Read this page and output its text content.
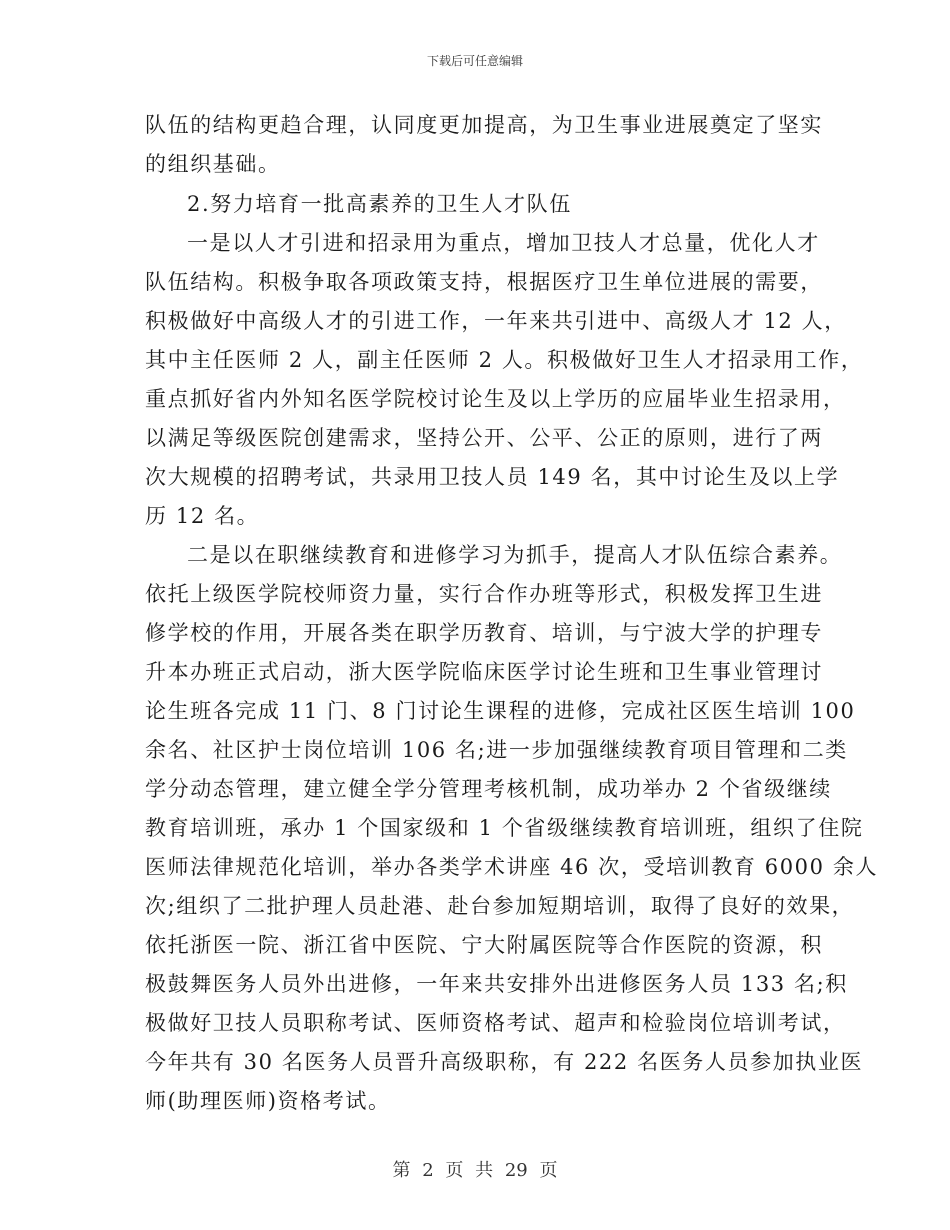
下载后可任意编辑
队伍的结构更趋合理，认同度更加提高，为卫生事业进展奠定了坚实
的组织基础。
2.努力培育一批高素养的卫生人才队伍
一是以人才引进和招录用为重点，增加卫技人才总量，优化人才
队伍结构。积极争取各项政策支持，根据医疗卫生单位进展的需要，
积极做好中高级人才的引进工作，一年来共引进中、高级人才 12 人，
其中主任医师 2 人，副主任医师 2 人。积极做好卫生人才招录用工作，
重点抓好省内外知名医学院校讨论生及以上学历的应届毕业生招录用，
以满足等级医院创建需求，坚持公开、公平、公正的原则，进行了两
次大规模的招聘考试，共录用卫技人员 149 名，其中讨论生及以上学
历 12 名。
二是以在职继续教育和进修学习为抓手，提高人才队伍综合素养。
依托上级医学院校师资力量，实行合作办班等形式，积极发挥卫生进
修学校的作用，开展各类在职学历教育、培训，与宁波大学的护理专
升本办班正式启动，浙大医学院临床医学讨论生班和卫生事业管理讨
论生班各完成 11 门、8 门讨论生课程的进修，完成社区医生培训 100
余名、社区护士岗位培训 106 名;进一步加强继续教育项目管理和二类
学分动态管理，建立健全学分管理考核机制，成功举办 2 个省级继续
教育培训班，承办 1 个国家级和 1 个省级继续教育培训班，组织了住院
医师法律规范化培训，举办各类学术讲座 46 次，受培训教育 6000 余人
次;组织了二批护理人员赴港、赴台参加短期培训，取得了良好的效果，
依托浙医一院、浙江省中医院、宁大附属医院等合作医院的资源，积
极鼓舞医务人员外出进修，一年来共安排外出进修医务人员 133 名;积
极做好卫技人员职称考试、医师资格考试、超声和检验岗位培训考试，
今年共有 30 名医务人员晋升高级职称，有 222 名医务人员参加执业医
师(助理医师)资格考试。
第 2 页 共 29 页
